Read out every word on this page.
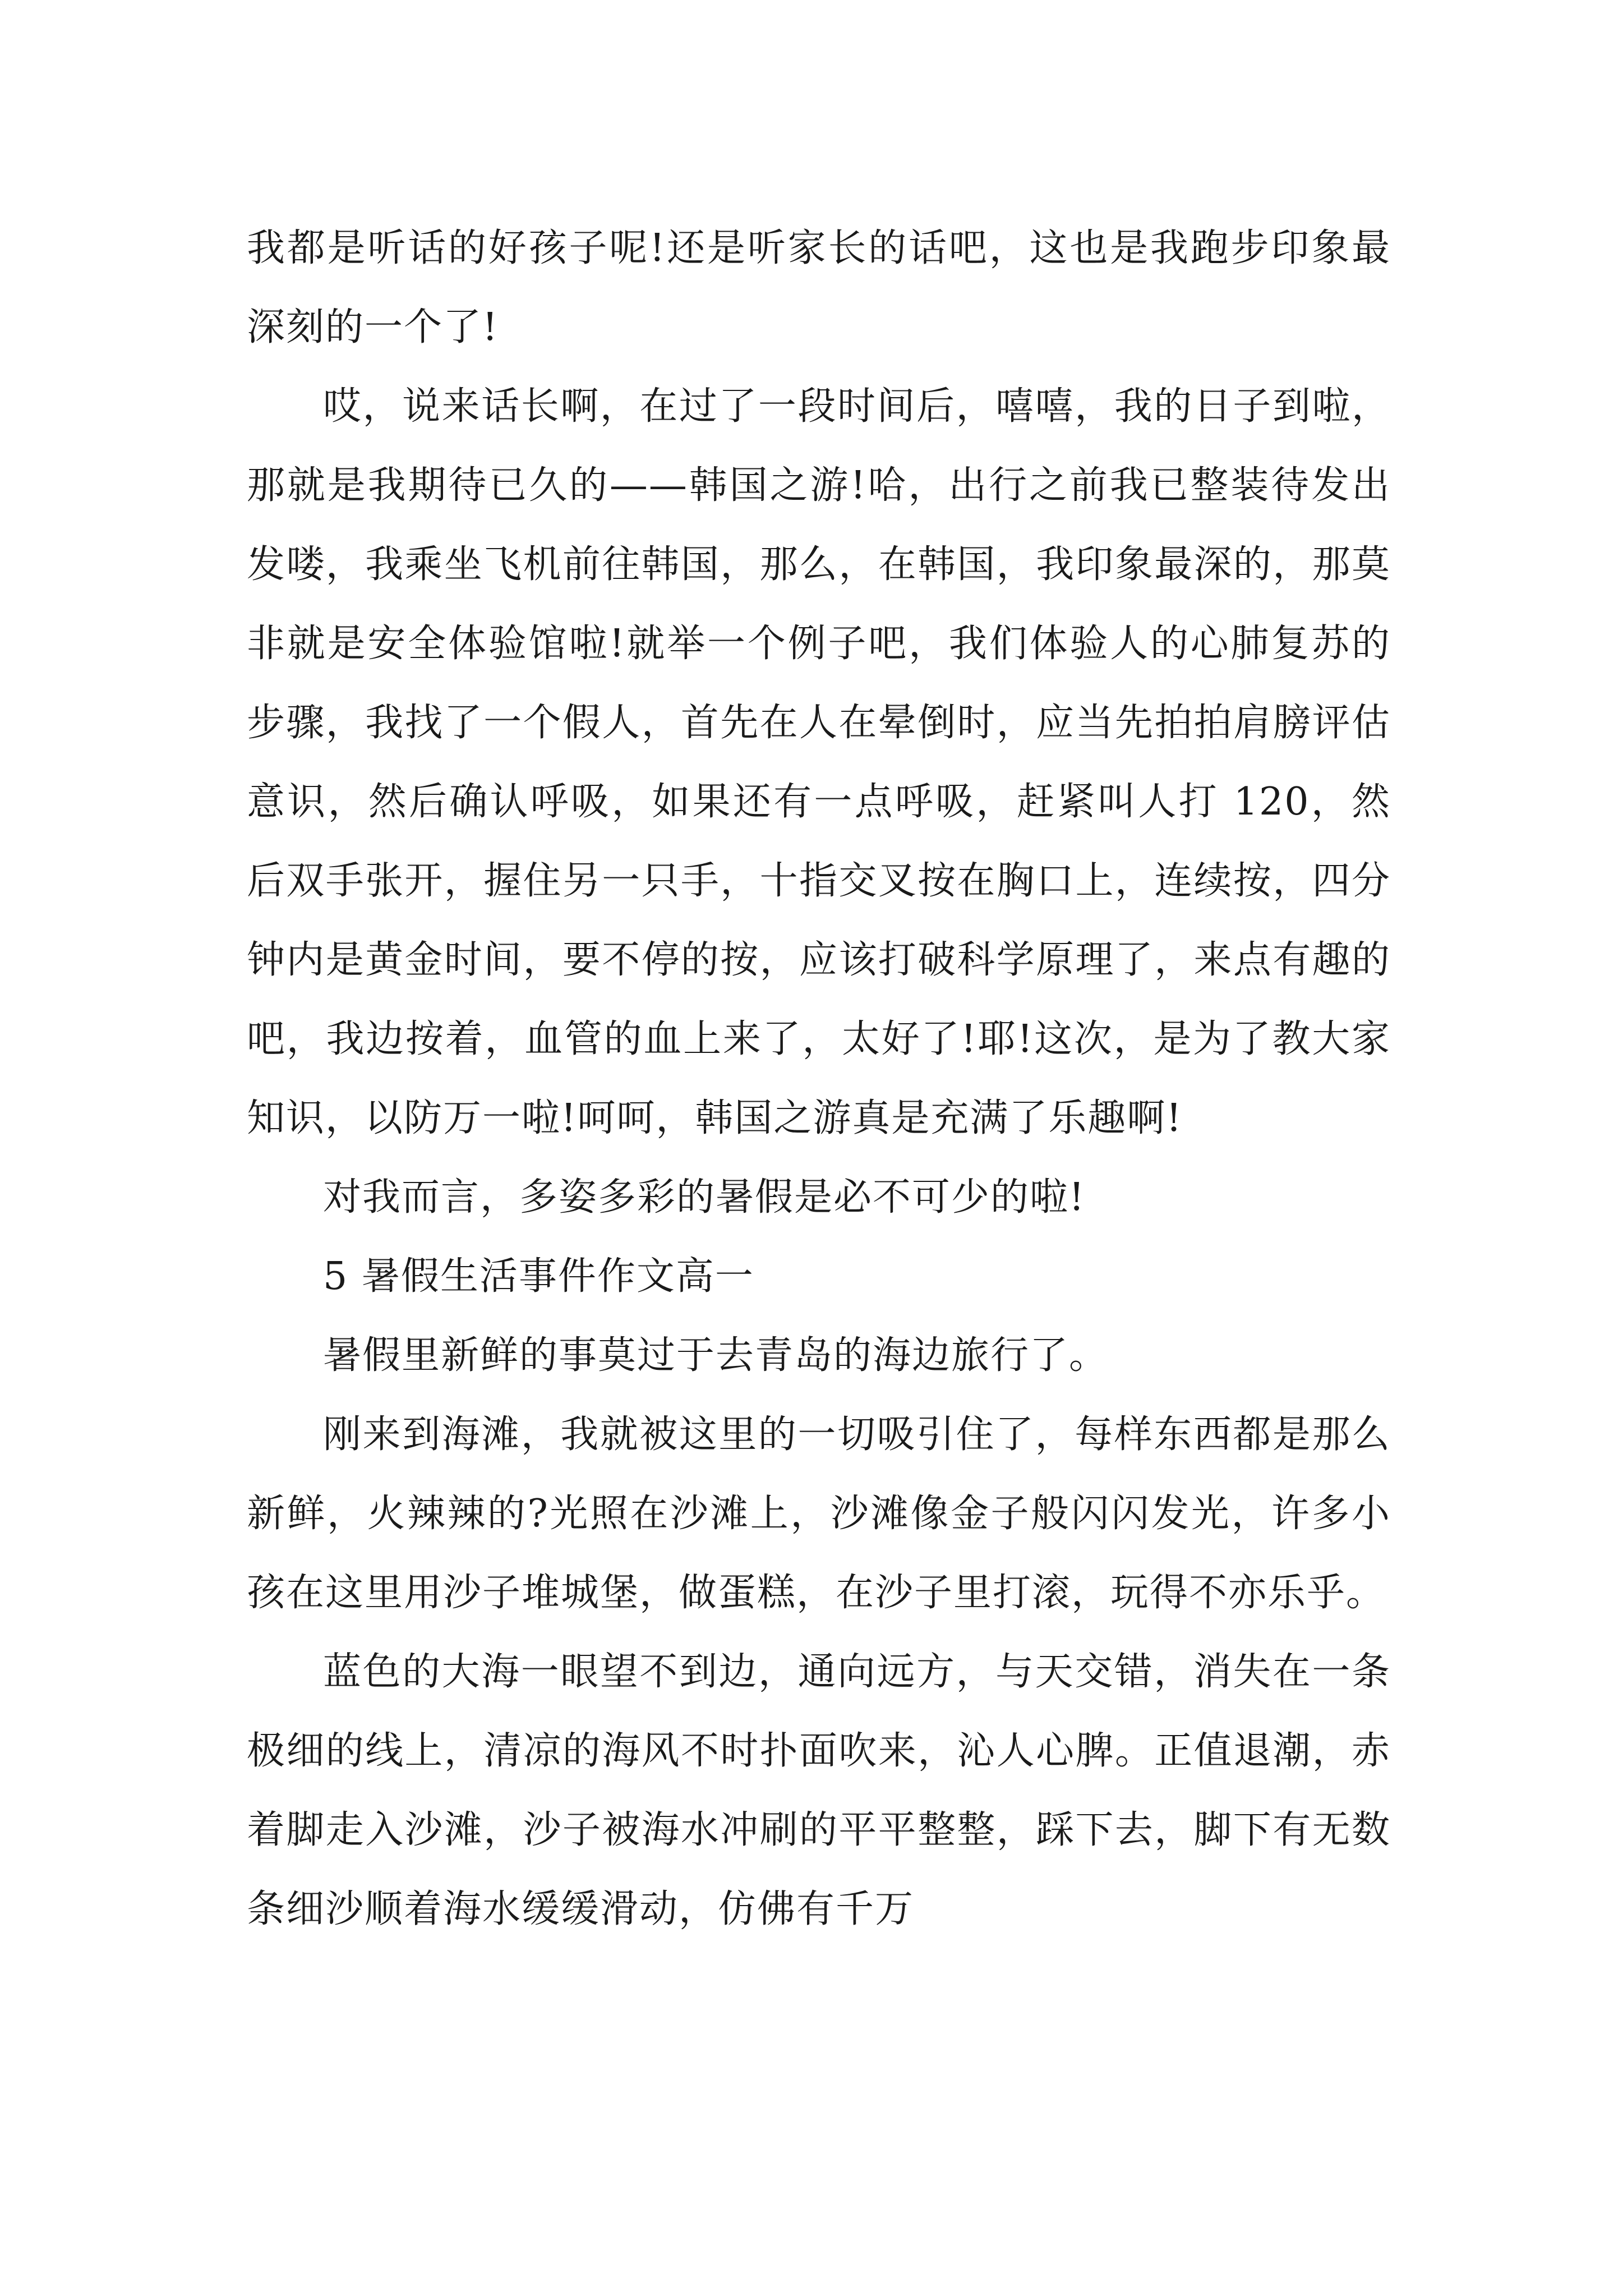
我都是听话的好孩子呢!还是听家长的话吧，这也是我跑步印象最深刻的一个了!

哎，说来话长啊，在过了一段时间后，嘻嘻，我的日子到啦，那就是我期待已久的——韩国之游!哈，出行之前我已整装待发出发喽，我乘坐飞机前往韩国，那么，在韩国，我印象最深的，那莫非就是安全体验馆啦!就举一个例子吧，我们体验人的心肺复苏的步骤，我找了一个假人，首先在人在晕倒时，应当先拍拍肩膀评估意识，然后确认呼吸，如果还有一点呼吸，赶紧叫人打 120，然后双手张开，握住另一只手，十指交叉按在胸口上，连续按，四分钟内是黄金时间，要不停的按，应该打破科学原理了，来点有趣的吧，我边按着，血管的血上来了，太好了!耶!这次，是为了教大家知识，以防万一啦!呵呵，韩国之游真是充满了乐趣啊!

对我而言，多姿多彩的暑假是必不可少的啦!

5 暑假生活事件作文高一

暑假里新鲜的事莫过于去青岛的海边旅行了。

刚来到海滩，我就被这里的一切吸引住了，每样东西都是那么新鲜，火辣辣的?光照在沙滩上，沙滩像金子般闪闪发光，许多小孩在这里用沙子堆城堡，做蛋糕，在沙子里打滚，玩得不亦乐乎。

蓝色的大海一眼望不到边，通向远方，与天交错，消失在一条极细的线上，清凉的海风不时扑面吹来，沁人心脾。正值退潮，赤着脚走入沙滩，沙子被海水冲刷的平平整整，踩下去，脚下有无数条细沙顺着海水缓缓滑动，仿佛有千万
